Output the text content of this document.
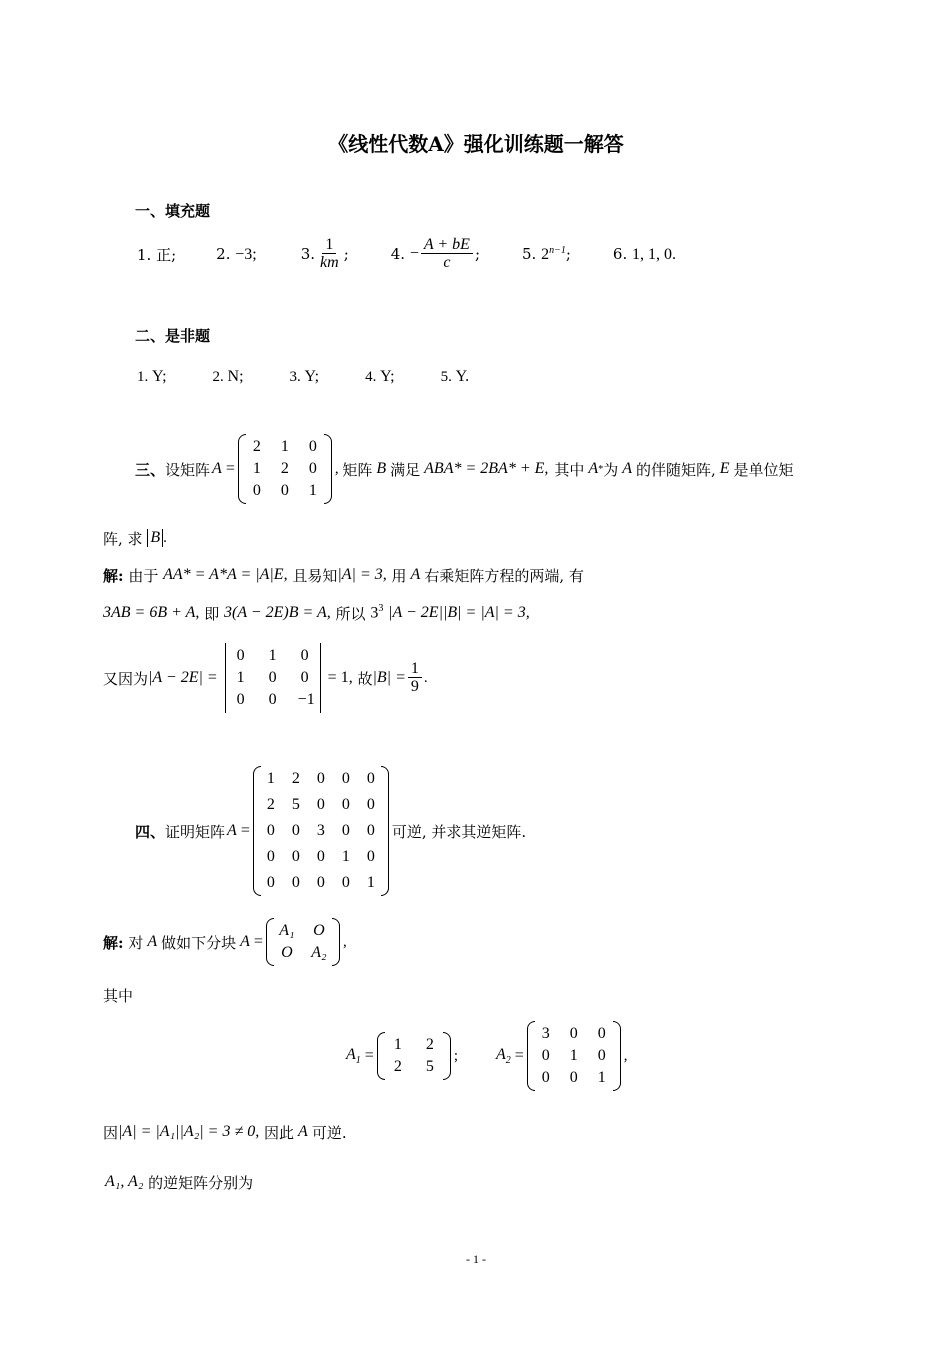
《线性代数A》强化训练题一解答
一、填充题
1. 正;	2. −3;	3. $\frac{1}{km}$ ;	4.
− $\frac{A + bE}{c}$ ;	5. $2^{n-1}$;	6. 1, 1, 0.
二、是非题
1. Y;	2. N;	3. Y;	4. Y;	5. Y.
三、 设矩阵 A =
2 1 0
1 2 0
0 0 1
, 矩阵 B 满足 ABA* = 2BA* + E, 其中 A * 为 A 的伴随矩阵, E 是单位矩
阵, 求
B .
解:
由于
AA* = A*A = |A|E,
且易知 |A| = 3,
用 A 右乘矩阵方程的两端, 有
3AB = 6B + A,
即
3(A − 2E)B = A,
所以
$3^3$
|A − 2E||B| = |A| = 3,
又因为 |A − 2E| =
0 1 0
1 0 0
0 0 −1
= 1,
故 $|B| = \frac{1}{9}$ .
四、 证明矩阵 A =
1 2 0 0 0
2 5 0 0 0
0 0 3 0 0
0 0 0 1 0
0 0 0 0 1
可逆, 并求其逆矩阵.
解:
对 A 做如下分块 A =
A₁ O
O A₂
,
其中
$A_1$ =
1	2
2	5
; $A_2$ =
3 0 0
0 1 0
0 0 1
,
因 |A| = |A₁||A₂| = 3 ≠ 0,
因此 A 可逆.
A₁, A₂
的逆矩阵分别为
- 1 -
